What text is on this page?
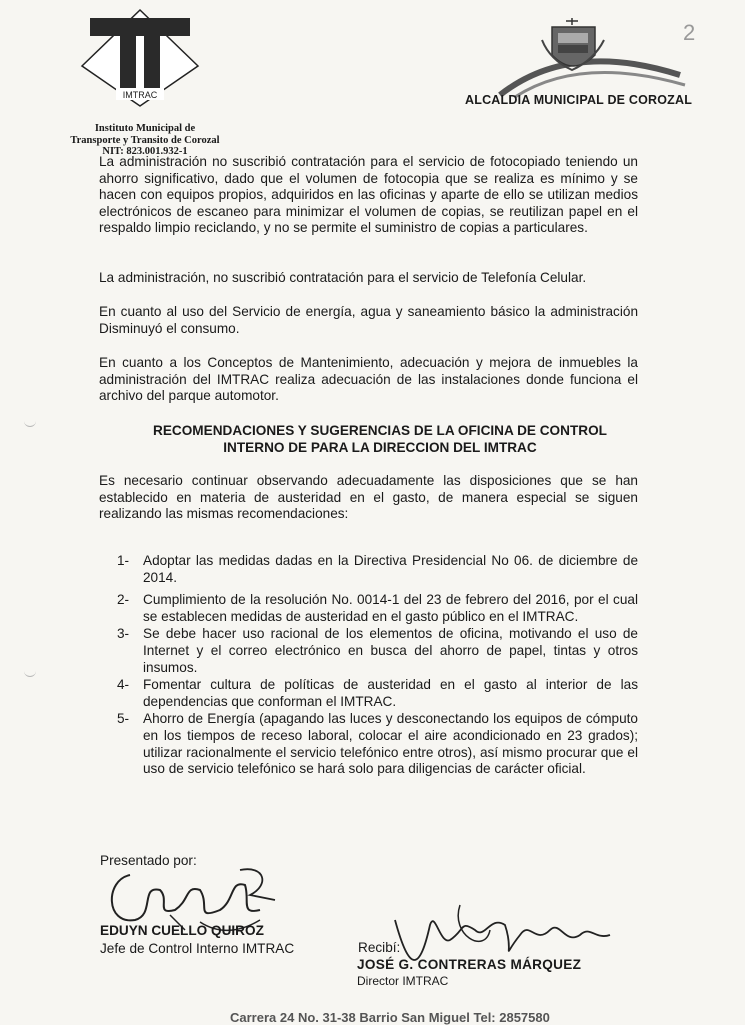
IMTRAC
Instituto Municipal de
Transporte y Transito de Corozal
NIT: 823.001.932-1
2
ALCALDIA MUNICIPAL DE COROZAL

La administración no suscribió contratación para el servicio de fotocopiado teniendo un ahorro significativo, dado que el volumen de fotocopia que se realiza es mínimo y se hacen con equipos propios, adquiridos en las oficinas y aparte de ello se utilizan medios electrónicos de escaneo para minimizar el volumen de copias, se reutilizan papel en el respaldo limpio reciclando, y no se permite el suministro de copias a particulares.

La administración, no suscribió contratación para el servicio de Telefonía Celular.

En cuanto al uso del Servicio de energía, agua y saneamiento básico la administración Disminuyó el consumo.

En cuanto a los Conceptos de Mantenimiento, adecuación y mejora de inmuebles la administración del IMTRAC realiza adecuación de las instalaciones donde funciona el archivo del parque automotor.

RECOMENDACIONES Y SUGERENCIAS DE LA OFICINA DE CONTROL
INTERNO DE PARA LA DIRECCION DEL IMTRAC

Es necesario continuar observando adecuadamente las disposiciones que se han establecido en materia de austeridad en el gasto, de manera especial se siguen realizando las mismas recomendaciones:

1- Adoptar las medidas dadas en la Directiva Presidencial No 06. de diciembre de 2014.
2- Cumplimiento de la resolución No. 0014-1 del 23 de febrero del 2016, por el cual se establecen medidas de austeridad en el gasto público en el IMTRAC.
3- Se debe hacer uso racional de los elementos de oficina, motivando el uso de Internet y el correo electrónico en busca del ahorro de papel, tintas y otros insumos.
4- Fomentar cultura de políticas de austeridad en el gasto al interior de las dependencias que conforman el IMTRAC.
5- Ahorro de Energía (apagando las luces y desconectando los equipos de cómputo en los tiempos de receso laboral, colocar el aire acondicionado en 23 grados); utilizar racionalmente el servicio telefónico entre otros), así mismo procurar que el uso de servicio telefónico se hará solo para diligencias de carácter oficial.
Presentado por:
EDUYN CUELLO QUIROZ
Jefe de Control Interno IMTRAC	Recibí:
JOSÉ G. CONTRERAS MÁRQUEZ
Director IMTRAC
Carrera 24 No. 31-38 Barrio San Miguel Tel: 2857580
